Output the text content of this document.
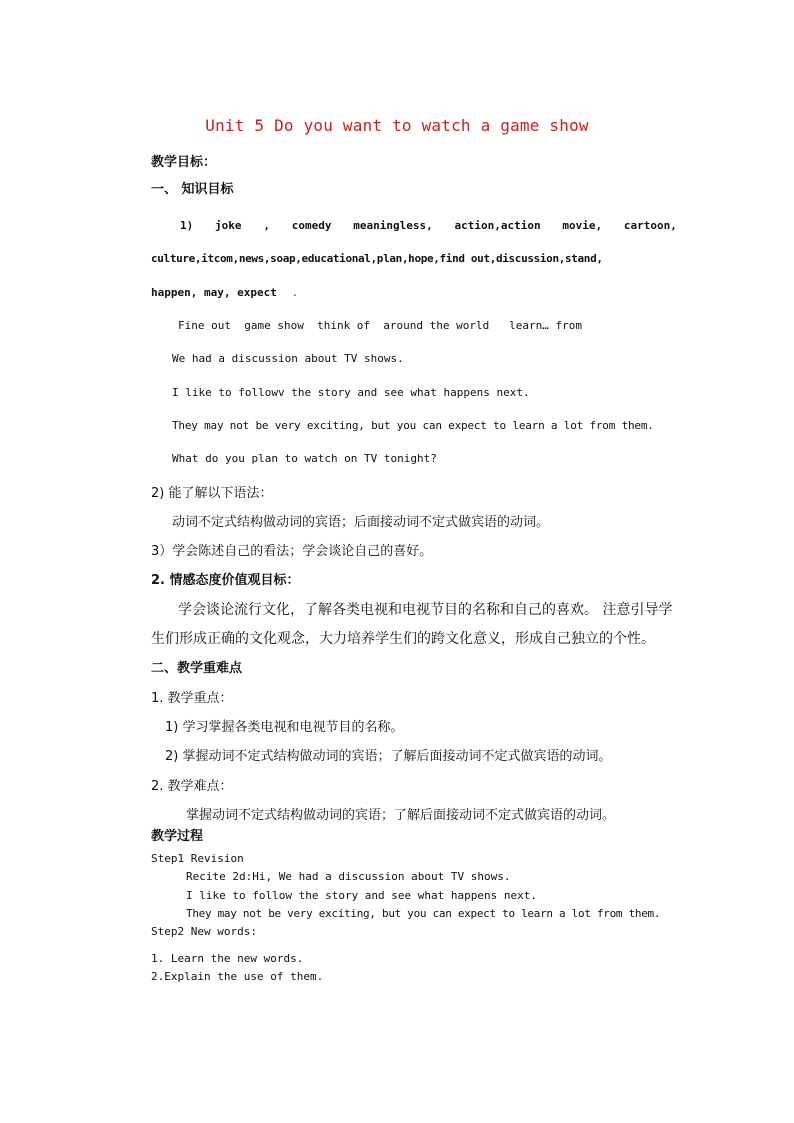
Unit 5 Do you want to watch a game show
教学目标：
一、 知识目标
1) joke , comedy meaningless, action,action movie, cartoon,
culture,itcom,news,soap,educational,plan,hope,find out,discussion,stand,
happen, may, expect .
Fine out  game show  think of  around the world   learn… from
We had a discussion about TV shows.
I like to followv the story and see what happens next.
They may not be very exciting, but you can expect to learn a lot from them.
What do you plan to watch on TV tonight?
2) 能了解以下语法：
动词不定式结构做动词的宾语；后面接动词不定式做宾语的动词。
3）学会陈述自己的看法；学会谈论自己的喜好。
2. 情感态度价值观目标：
学会谈论流行文化，了解各类电视和电视节目的名称和自己的喜欢。 注意引导学
生们形成正确的文化观念，大力培养学生们的跨文化意义，形成自己独立的个性。
二、教学重难点
1. 教学重点：
1) 学习掌握各类电视和电视节目的名称。
2) 掌握动词不定式结构做动词的宾语；了解后面接动词不定式做宾语的动词。
2. 教学难点：
掌握动词不定式结构做动词的宾语；了解后面接动词不定式做宾语的动词。
教学过程
Step1 Revision
Recite 2d:Hi, We had a discussion about TV shows.
I like to follow the story and see what happens next.
They may not be very exciting, but you can expect to learn a lot from them.
Step2 New words:
1. Learn the new words.
2.Explain the use of them.
